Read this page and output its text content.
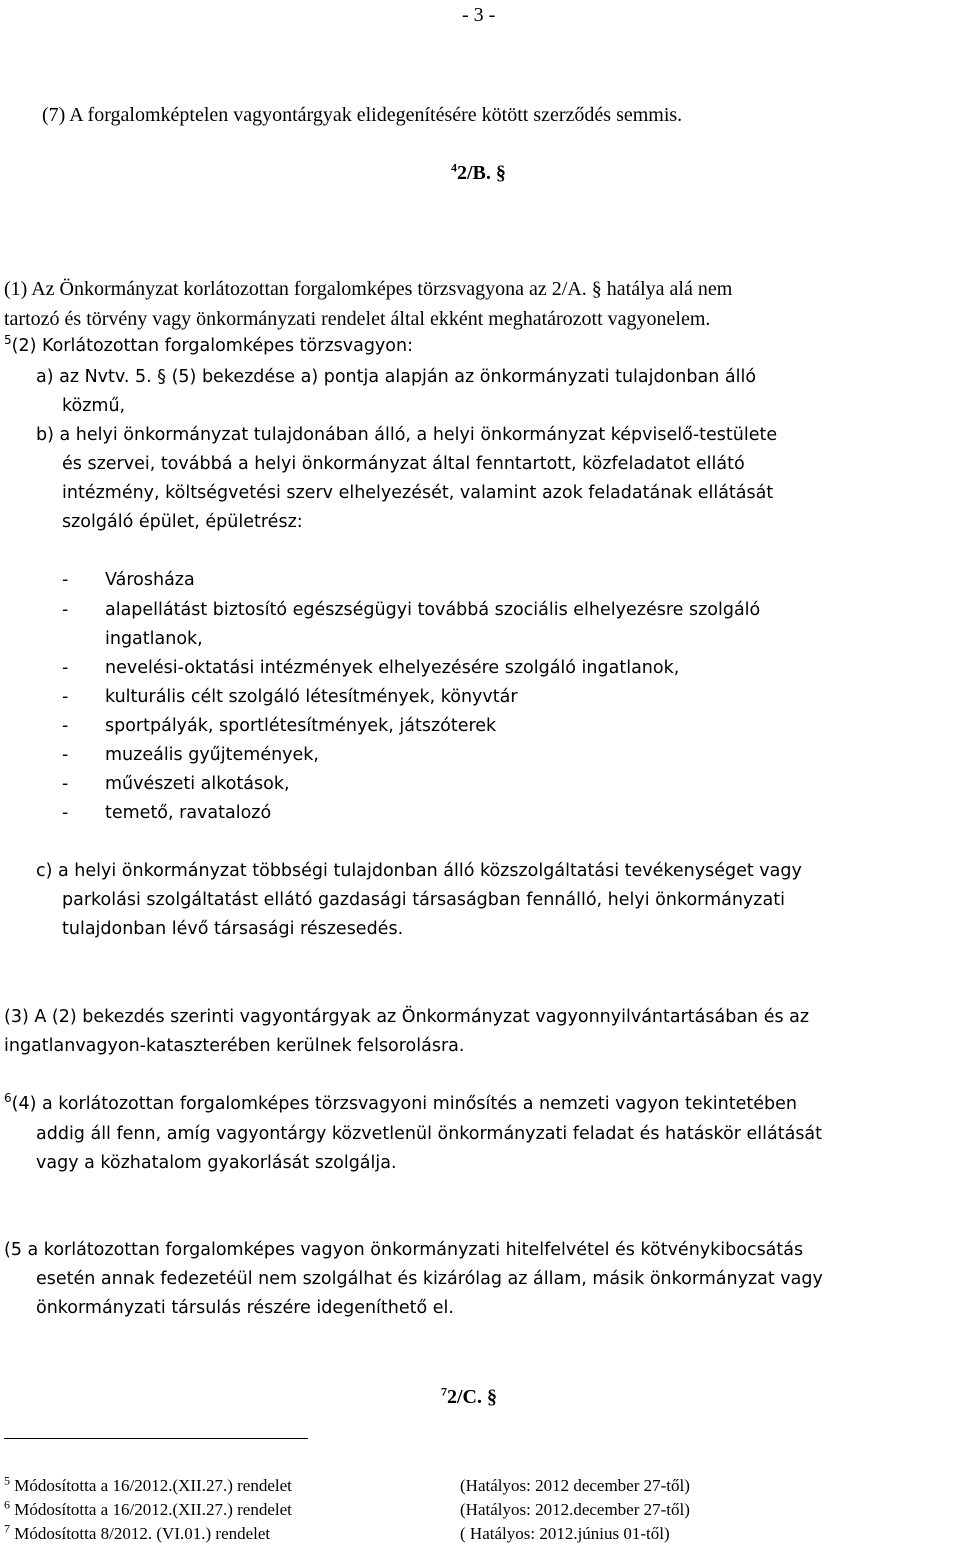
- 3 -
(7) A forgalomképtelen vagyontárgyak elidegenítésére kötött szerződés semmis.
$^4$2/B. §
(1) Az Önkormányzat korlátozottan forgalomképes törzsvagyona az 2/A. § hatálya alá nem
tartozó és törvény vagy önkormányzati rendelet által ekként meghatározott vagyonelem.
$^5$(2) Korlátozottan forgalomképes törzsvagyon:
a) az Nvtv. 5. § (5) bekezdése a) pontja alapján az önkormányzati tulajdonban álló
közmű,
b) a helyi önkormányzat tulajdonában álló, a helyi önkormányzat képviselő-testülete
és szervei, továbbá a helyi önkormányzat által fenntartott, közfeladatot ellátó
intézmény, költségvetési szerv elhelyezését, valamint azok feladatának ellátását
szolgáló épület, épületrész:
- Városháza
- alapellátást biztosító egészségügyi továbbá szociális elhelyezésre szolgáló
ingatlanok,
- nevelési-oktatási intézmények elhelyezésére szolgáló ingatlanok,
- kulturális célt szolgáló létesítmények, könyvtár
- sportpályák, sportlétesítmények, játszóterek
- muzeális gyűjtemények,
- művészeti alkotások,
- temető, ravatalozó
c) a helyi önkormányzat többségi tulajdonban álló közszolgáltatási tevékenységet vagy
parkolási szolgáltatást ellátó gazdasági társaságban fennálló, helyi önkormányzati
tulajdonban lévő társasági részesedés.
(3) A (2) bekezdés szerinti vagyontárgyak az Önkormányzat vagyonnyilvántartásában és az
ingatlanvagyon-kataszterében kerülnek felsorolásra.
$^6$(4) a korlátozottan forgalomképes törzsvagyoni minősítés a nemzeti vagyon tekintetében
addig áll fenn, amíg vagyontárgy közvetlenül önkormányzati feladat és hatáskör ellátását
vagy a közhatalom gyakorlását szolgálja.
(5 a korlátozottan forgalomképes vagyon önkormányzati hitelfelvétel és kötvénykibocsátás
esetén annak fedezetéül nem szolgálhat és kizárólag az állam, másik önkormányzat vagy
önkormányzati társulás részére idegeníthető el.
$^7$2/C. §
$^5$ Módosította a 16/2012.(XII.27.) rendelet	(Hatályos: 2012 december 27-től)
$^6$ Módosította a 16/2012.(XII.27.) rendelet	(Hatályos: 2012.december 27-től)
$^7$ Módosította 8/2012. (VI.01.) rendelet	( Hatályos: 2012.június 01-től)
